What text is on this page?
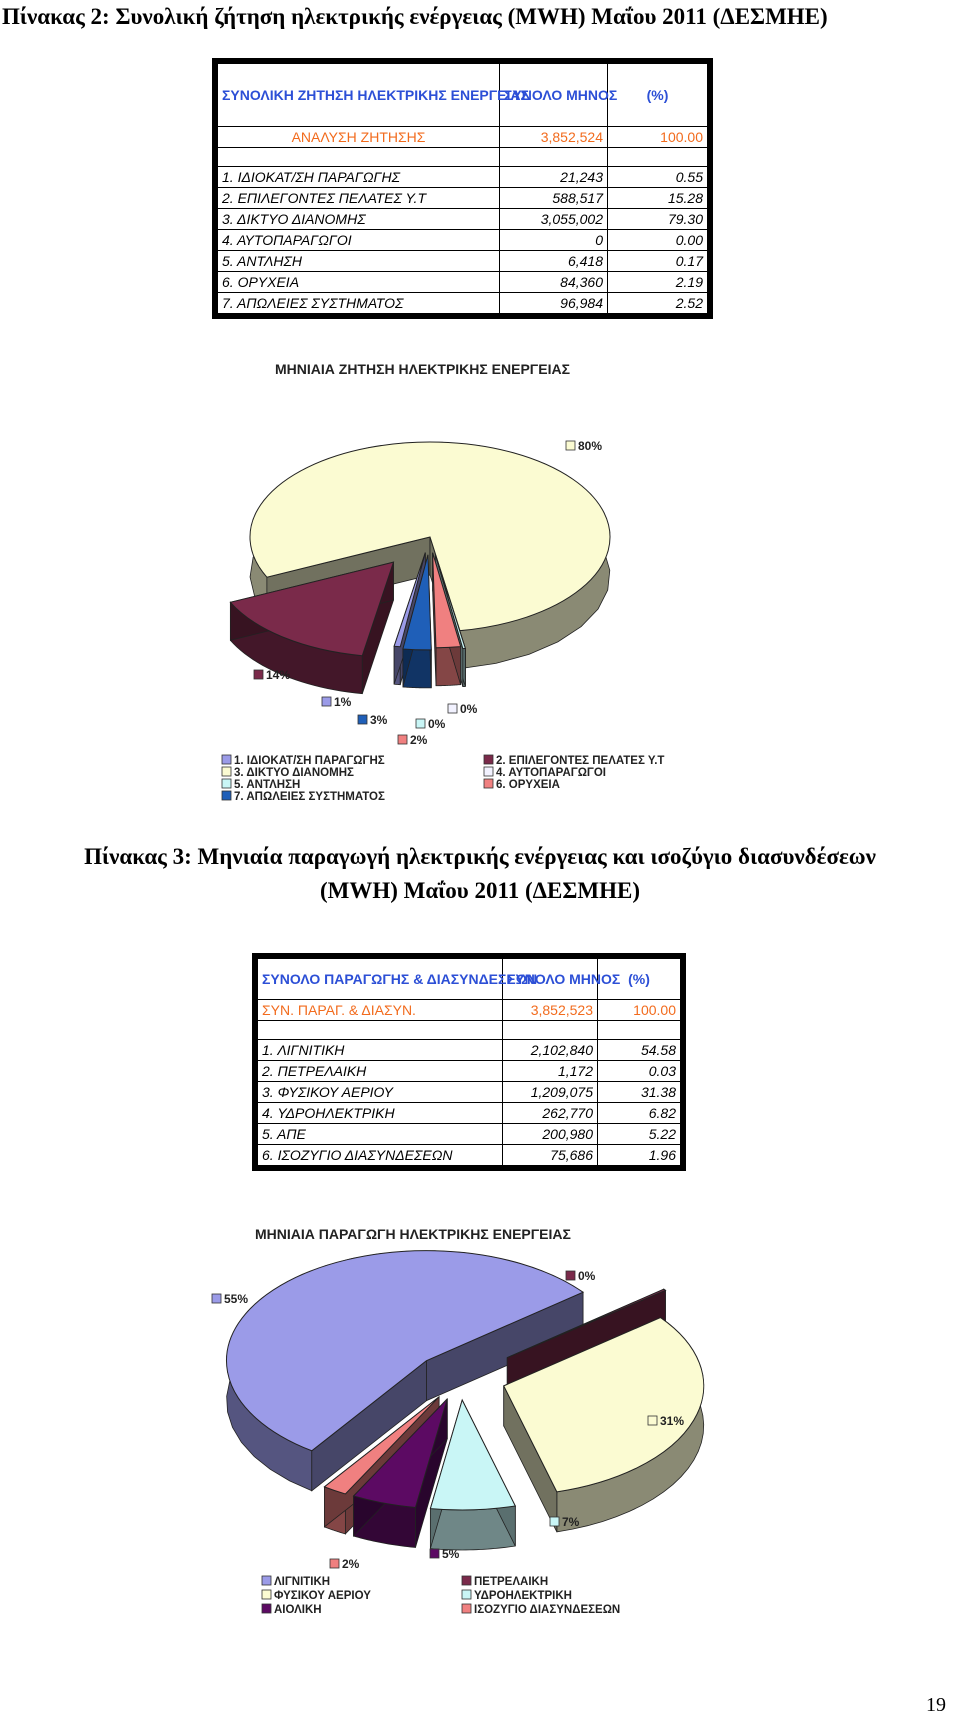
Πίνακας 2: Συνολική ζήτηση ηλεκτρικής ενέργειας (MWH) Μαΐου 2011 (ΔΕΣΜΗΕ)
ΣΥΝΟΛΙΚΗ ΖΗΤΗΣΗ ΗΛΕΚΤΡΙΚΗΣ ΕΝΕΡΓΕΙΑΣ	ΣΥΝΟΛΟ ΜΗΝΟΣ	(%)
ΑΝΑΛΥΣΗ ΖΗΤΗΣΗΣ	3,852,524	100.00

1. ΙΔΙΟΚΑΤ/ΣΗ ΠΑΡΑΓΩΓΗΣ	21,243	0.55
2. ΕΠΙΛΕΓΟΝΤΕΣ ΠΕΛΑΤΕΣ Υ.Τ	588,517	15.28
3. ΔΙΚΤΥΟ ΔΙΑΝΟΜΗΣ	3,055,002	79.30
4. ΑΥΤΟΠΑΡΑΓΩΓΟΙ	0	0.00
5. ΑΝΤΛΗΣΗ	6,418	0.17
6. ΟΡΥΧΕΙΑ	84,360	2.19
7. ΑΠΩΛΕΙΕΣ ΣΥΣΤΗΜΑΤΟΣ	96,984	2.52
ΜΗΝΙΑΙΑ ΖΗΤΗΣΗ ΗΛΕΚΤΡΙΚΗΣ ΕΝΕΡΓΕΙΑΣ
80%
14%
0%
0%
1%
2%
3%
1. ΙΔΙΟΚΑΤ/ΣΗ ΠΑΡΑΓΩΓΗΣ	2. ΕΠΙΛΕΓΟΝΤΕΣ ΠΕΛΑΤΕΣ Υ.Τ
3. ΔΙΚΤΥΟ ΔΙΑΝΟΜΗΣ	4. ΑΥΤΟΠΑΡΑΓΩΓΟΙ
5. ΑΝΤΛΗΣΗ	6. ΟΡΥΧΕΙΑ
7. ΑΠΩΛΕΙΕΣ ΣΥΣΤΗΜΑΤΟΣ
Πίνακας 3: Μηνιαία παραγωγή ηλεκτρικής ενέργειας και ισοζύγιο διασυνδέσεων
(MWH) Μαΐου 2011 (ΔΕΣΜΗΕ)
ΣΥΝΟΛΟ ΠΑΡΑΓΩΓΗΣ & ΔΙΑΣΥΝΔΕΣΕΩΝ	ΣΥΝΟΛΟ ΜΗΝΟΣ	(%)
ΣΥΝ. ΠΑΡΑΓ. & ΔΙΑΣΥΝ.	3,852,523	100.00

1. ΛΙΓΝΙΤΙΚΗ	2,102,840	54.58
2. ΠΕΤΡΕΛΑΙΚΗ	1,172	0.03
3. ΦΥΣΙΚΟΥ ΑΕΡΙΟΥ	1,209,075	31.38
4. ΥΔΡΟΗΛΕΚΤΡΙΚΗ	262,770	6.82
5. ΑΠΕ	200,980	5.22
6. ΙΣΟΖΥΓΙΟ ΔΙΑΣΥΝΔΕΣΕΩΝ	75,686	1.96
ΜΗΝΙΑΙΑ ΠΑΡΑΓΩΓΗ ΗΛΕΚΤΡΙΚΗΣ ΕΝΕΡΓΕΙΑΣ
55%
0%
31%
2%
5%
7%
ΛΙΓΝΙΤΙΚΗ	ΠΕΤΡΕΛΑΙΚΗ
ΦΥΣΙΚΟΥ ΑΕΡΙΟΥ	ΥΔΡΟΗΛΕΚΤΡΙΚΗ
ΑΙΟΛΙΚΗ	ΙΣΟΖΥΓΙΟ ΔΙΑΣΥΝΔΕΣΕΩΝ
19
